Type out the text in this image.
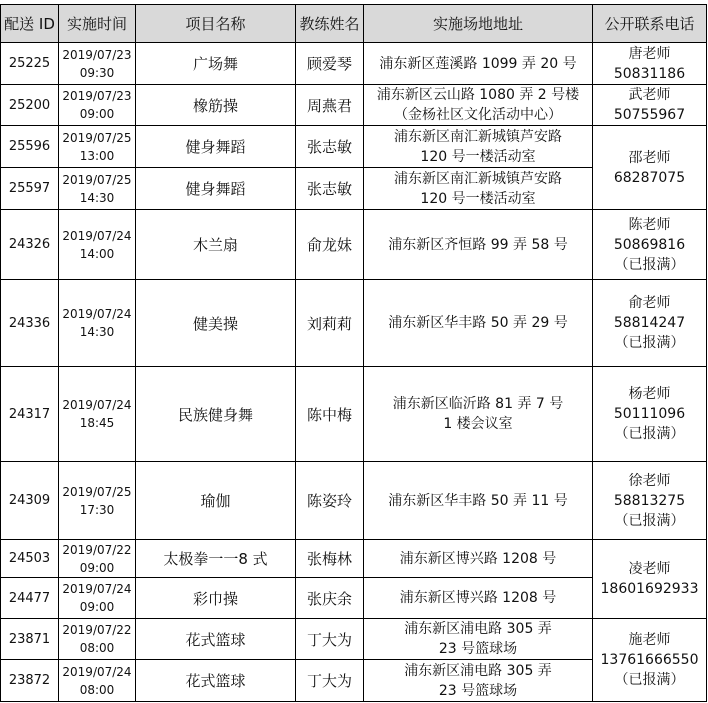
配送 ID	实施时间	项目名称	教练姓名	实施场地地址	公开联系电话
25225	2019/07/23
09:30	广场舞	顾爱琴	浦东新区莲溪路 1099 弄 20 号	唐老师
50831186

25200	2019/07/23
09:00	橡筋操	周燕君	浦东新区云山路 1080 弄 2 号楼
（金杨社区文化活动中心）	武老师
50755967

25596	2019/07/25
13:00	健身舞蹈	张志敏	浦东新区南汇新城镇芦安路
120 号一楼活动室	邵老师
68287075

25597	2019/07/25
14:30	健身舞蹈	张志敏	浦东新区南汇新城镇芦安路
120 号一楼活动室	

24326	2019/07/24
14:00	木兰扇	俞龙妹	浦东新区齐恒路 99 弄 58 号	陈老师
50869816
（已报满）

24336	2019/07/24
14:30	健美操	刘莉莉	浦东新区华丰路 50 弄 29 号	俞老师
58814247
（已报满）

24317	2019/07/24
18:45	民族健身舞	陈中梅	浦东新区临沂路 81 弄 7 号
1 楼会议室	杨老师
50111096
（已报满）

24309	2019/07/25
17:30	瑜伽	陈姿玲	浦东新区华丰路 50 弄 11 号	徐老师
58813275
（已报满）

24503	2019/07/22
09:00	太极拳一一8 式	张梅林	浦东新区博兴路 1208 号	凌老师
18601692933

24477	2019/07/24
09:00	彩巾操	张庆余	浦东新区博兴路 1208 号	

23871	2019/07/22
08:00	花式篮球	丁大为	浦东新区浦电路 305 弄
23 号篮球场	施老师
13761666550
（已报满）

23872	2019/07/24
08:00	花式篮球	丁大为	浦东新区浦电路 305 弄
23 号篮球场	
